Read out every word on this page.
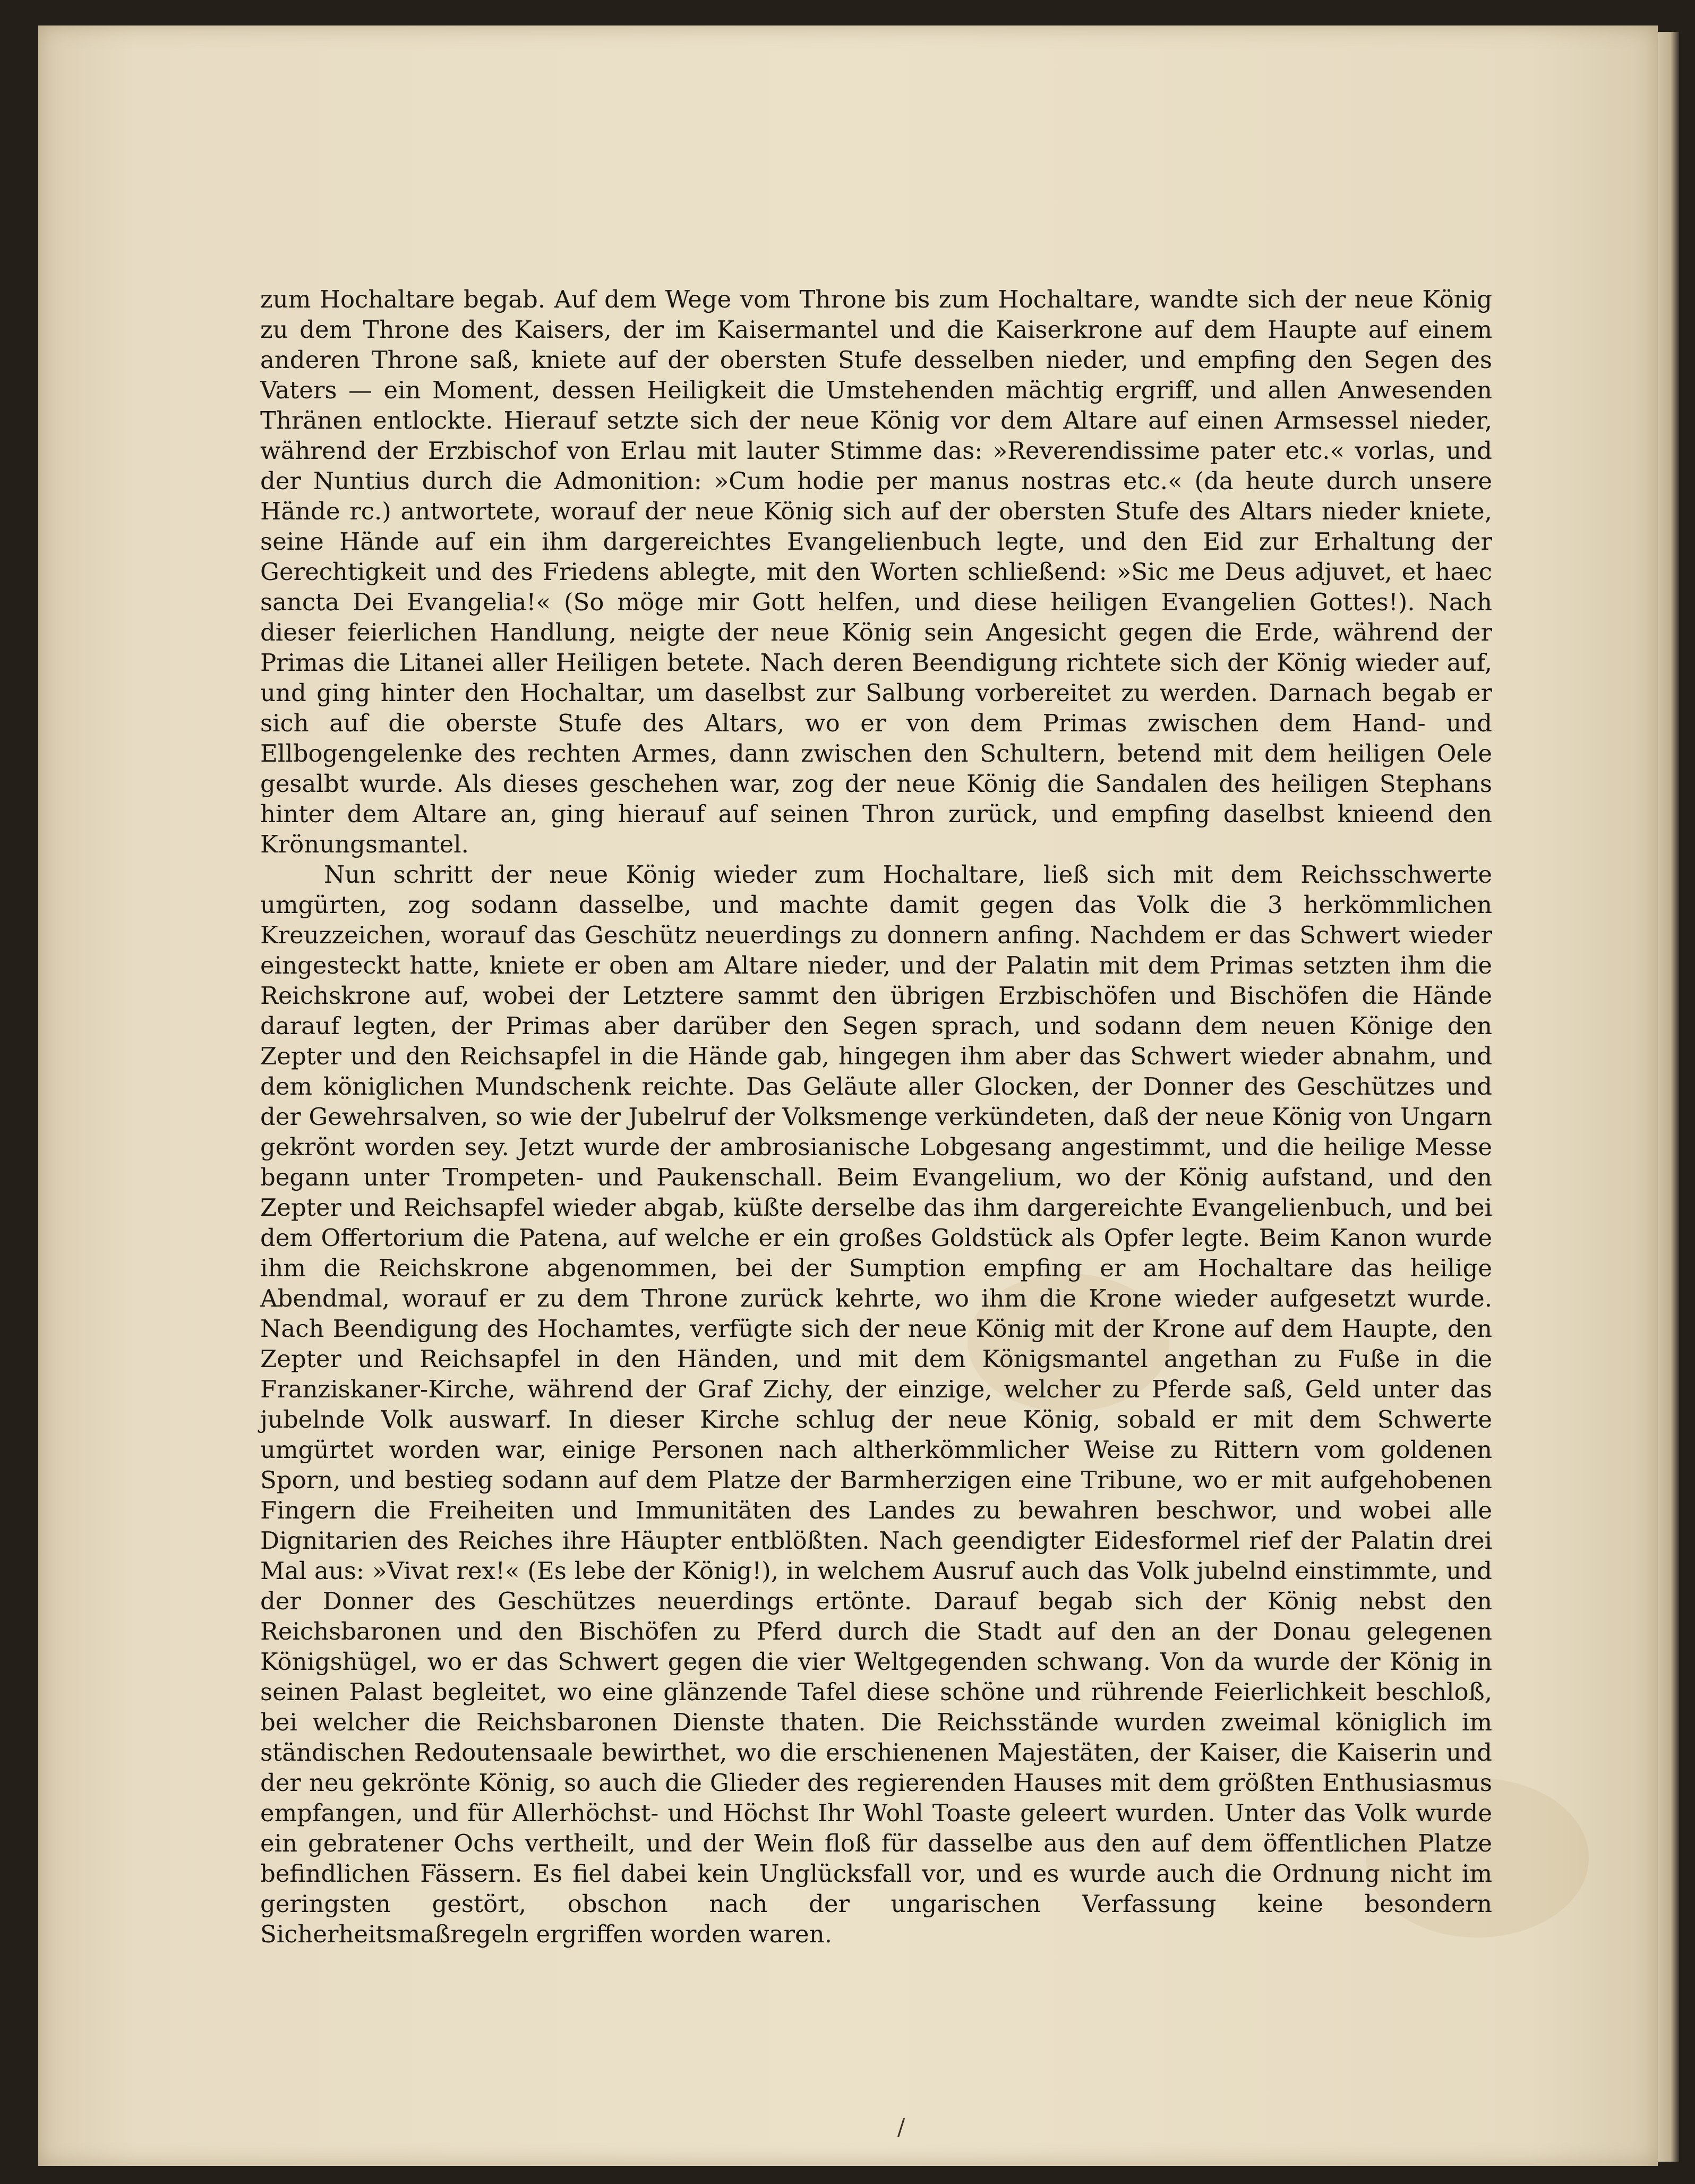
zum Hochaltare begab. Auf dem Wege vom Throne bis zum Hochaltare, wandte sich der neue König zu dem Throne des Kaisers, der im Kaisermantel und die Kaiserkrone auf dem Haupte auf einem anderen Throne saß, kniete auf der obersten Stufe desselben nieder, und empfing den Segen des Vaters — ein Moment, dessen Heiligkeit die Umstehenden mächtig ergriff, und allen Anwesenden Thränen entlockte. Hierauf setzte sich der neue König vor dem Altare auf einen Armsessel nieder, während der Erzbischof von Erlau mit lauter Stimme das: »Reverendissime pater etc.« vorlas, und der Nuntius durch die Admonition: »Cum hodie per manus nostras etc.« (da heute durch unsere Hände rc.) antwortete, worauf der neue König sich auf der obersten Stufe des Altars nieder kniete, seine Hände auf ein ihm dargereichtes Evangelienbuch legte, und den Eid zur Erhaltung der Gerechtigkeit und des Friedens ablegte, mit den Worten schließend: »Sic me Deus adjuvet, et haec sancta Dei Evangelia!« (So möge mir Gott helfen, und diese heiligen Evangelien Gottes!). Nach dieser feierlichen Handlung, neigte der neue König sein Angesicht gegen die Erde, während der Primas die Litanei aller Heiligen betete. Nach deren Beendigung richtete sich der König wieder auf, und ging hinter den Hochaltar, um daselbst zur Salbung vorbereitet zu werden. Darnach begab er sich auf die oberste Stufe des Altars, wo er von dem Primas zwischen dem Hand- und Ellbogengelenke des rechten Armes, dann zwischen den Schultern, betend mit dem heiligen Oele gesalbt wurde. Als dieses geschehen war, zog der neue König die Sandalen des heiligen Stephans hinter dem Altare an, ging hierauf auf seinen Thron zurück, und empfing daselbst knieend den Krönungsmantel.

Nun schritt der neue König wieder zum Hochaltare, ließ sich mit dem Reichsschwerte umgürten, zog sodann dasselbe, und machte damit gegen das Volk die 3 herkömmlichen Kreuzzeichen, worauf das Geschütz neuerdings zu donnern anfing. Nachdem er das Schwert wieder eingesteckt hatte, kniete er oben am Altare nieder, und der Palatin mit dem Primas setzten ihm die Reichskrone auf, wobei der Letztere sammt den übrigen Erzbischöfen und Bischöfen die Hände darauf legten, der Primas aber darüber den Segen sprach, und sodann dem neuen Könige den Zepter und den Reichsapfel in die Hände gab, hingegen ihm aber das Schwert wieder abnahm, und dem königlichen Mundschenk reichte. Das Geläute aller Glocken, der Donner des Geschützes und der Gewehrsalven, so wie der Jubelruf der Volksmenge verkündeten, daß der neue König von Ungarn gekrönt worden sey. Jetzt wurde der ambrosianische Lobgesang angestimmt, und die heilige Messe begann unter Trompeten- und Paukenschall. Beim Evangelium, wo der König aufstand, und den Zepter und Reichsapfel wieder abgab, küßte derselbe das ihm dargereichte Evangelienbuch, und bei dem Offertorium die Patena, auf welche er ein großes Goldstück als Opfer legte. Beim Kanon wurde ihm die Reichskrone abgenommen, bei der Sumption empfing er am Hochaltare das heilige Abendmal, worauf er zu dem Throne zurück kehrte, wo ihm die Krone wieder aufgesetzt wurde. Nach Beendigung des Hochamtes, verfügte sich der neue König mit der Krone auf dem Haupte, den Zepter und Reichsapfel in den Händen, und mit dem Königsmantel angethan zu Fuße in die Franziskaner-Kirche, während der Graf Zichy, der einzige, welcher zu Pferde saß, Geld unter das jubelnde Volk auswarf. In dieser Kirche schlug der neue König, sobald er mit dem Schwerte umgürtet worden war, einige Personen nach altherkömmlicher Weise zu Rittern vom goldenen Sporn, und bestieg sodann auf dem Platze der Barmherzigen eine Tribune, wo er mit aufgehobenen Fingern die Freiheiten und Immunitäten des Landes zu bewahren beschwor, und wobei alle Dignitarien des Reiches ihre Häupter entblößten. Nach geendigter Eidesformel rief der Palatin drei Mal aus: »Vivat rex!« (Es lebe der König!), in welchem Ausruf auch das Volk jubelnd einstimmte, und der Donner des Geschützes neuerdings ertönte. Darauf begab sich der König nebst den Reichsbaronen und den Bischöfen zu Pferd durch die Stadt auf den an der Donau gelegenen Königshügel, wo er das Schwert gegen die vier Weltgegenden schwang. Von da wurde der König in seinen Palast begleitet, wo eine glänzende Tafel diese schöne und rührende Feierlichkeit beschloß, bei welcher die Reichsbaronen Dienste thaten. Die Reichsstände wurden zweimal königlich im ständischen Redoutensaale bewirthet, wo die erschienenen Majestäten, der Kaiser, die Kaiserin und der neu gekrönte König, so auch die Glieder des regierenden Hauses mit dem größten Enthusiasmus empfangen, und für Allerhöchst- und Höchst Ihr Wohl Toaste geleert wurden. Unter das Volk wurde ein gebratener Ochs vertheilt, und der Wein floß für dasselbe aus den auf dem öffentlichen Platze befindlichen Fässern. Es fiel dabei kein Unglücksfall vor, und es wurde auch die Ordnung nicht im geringsten gestört, obschon nach der ungarischen Verfassung keine besondern Sicherheitsmaßregeln ergriffen worden waren.

/
